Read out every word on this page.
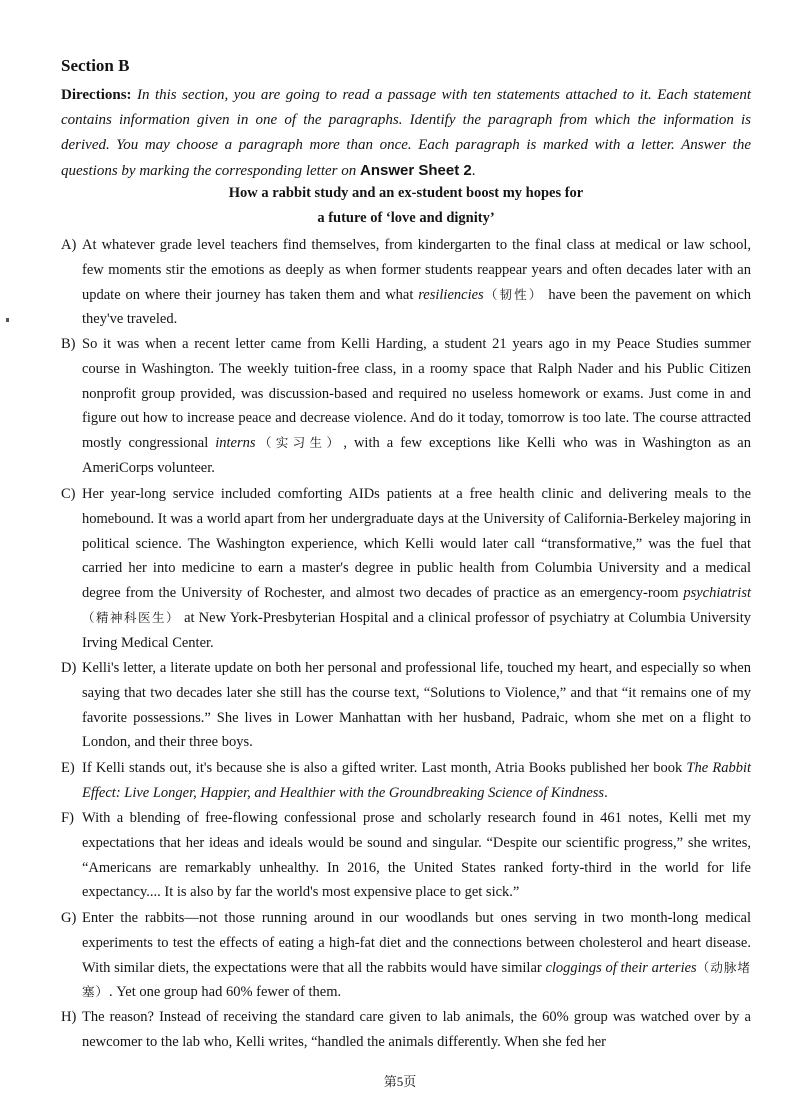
Section B
Directions: In this section, you are going to read a passage with ten statements attached to it. Each statement contains information given in one of the paragraphs. Identify the paragraph from which the information is derived. You may choose a paragraph more than once. Each paragraph is marked with a letter. Answer the questions by marking the corresponding letter on Answer Sheet 2.
How a rabbit study and an ex-student boost my hopes for
a future of ‘love and dignity’
A) At whatever grade level teachers find themselves, from kindergarten to the final class at medical or law school, few moments stir the emotions as deeply as when former students reappear years and often decades later with an update on where their journey has taken them and what resiliencies（韧性） have been the pavement on which they've traveled.
B) So it was when a recent letter came from Kelli Harding, a student 21 years ago in my Peace Studies summer course in Washington. The weekly tuition-free class, in a roomy space that Ralph Nader and his Public Citizen nonprofit group provided, was discussion-based and required no useless homework or exams. Just come in and figure out how to increase peace and decrease violence. And do it today, tomorrow is too late. The course attracted mostly congressional interns（实习生）, with a few exceptions like Kelli who was in Washington as an AmeriCorps volunteer.
C) Her year-long service included comforting AIDs patients at a free health clinic and delivering meals to the homebound. It was a world apart from her undergraduate days at the University of California-Berkeley majoring in political science. The Washington experience, which Kelli would later call “transformative,” was the fuel that carried her into medicine to earn a master's degree in public health from Columbia University and a medical degree from the University of Rochester, and almost two decades of practice as an emergency-room psychiatrist（精神科医生） at New York-Presbyterian Hospital and a clinical professor of psychiatry at Columbia University Irving Medical Center.
D) Kelli's letter, a literate update on both her personal and professional life, touched my heart, and especially so when saying that two decades later she still has the course text, “Solutions to Violence,” and that “it remains one of my favorite possessions.” She lives in Lower Manhattan with her husband, Padraic, whom she met on a flight to London, and their three boys.
E) If Kelli stands out, it's because she is also a gifted writer. Last month, Atria Books published her book The Rabbit Effect: Live Longer, Happier, and Healthier with the Groundbreaking Science of Kindness.
F) With a blending of free-flowing confessional prose and scholarly research found in 461 notes, Kelli met my expectations that her ideas and ideals would be sound and singular. “Despite our scientific progress,” she writes, “Americans are remarkably unhealthy. In 2016, the United States ranked forty-third in the world for life expectancy.... It is also by far the world's most expensive place to get sick.”
G) Enter the rabbits—not those running around in our woodlands but ones serving in two month-long medical experiments to test the effects of eating a high-fat diet and the connections between cholesterol and heart disease. With similar diets, the expectations were that all the rabbits would have similar cloggings of their arteries（动脉堵塞）. Yet one group had 60% fewer of them.
H) The reason? Instead of receiving the standard care given to lab animals, the 60% group was watched over by a newcomer to the lab who, Kelli writes, “handled the animals differently. When she fed her
第5页
